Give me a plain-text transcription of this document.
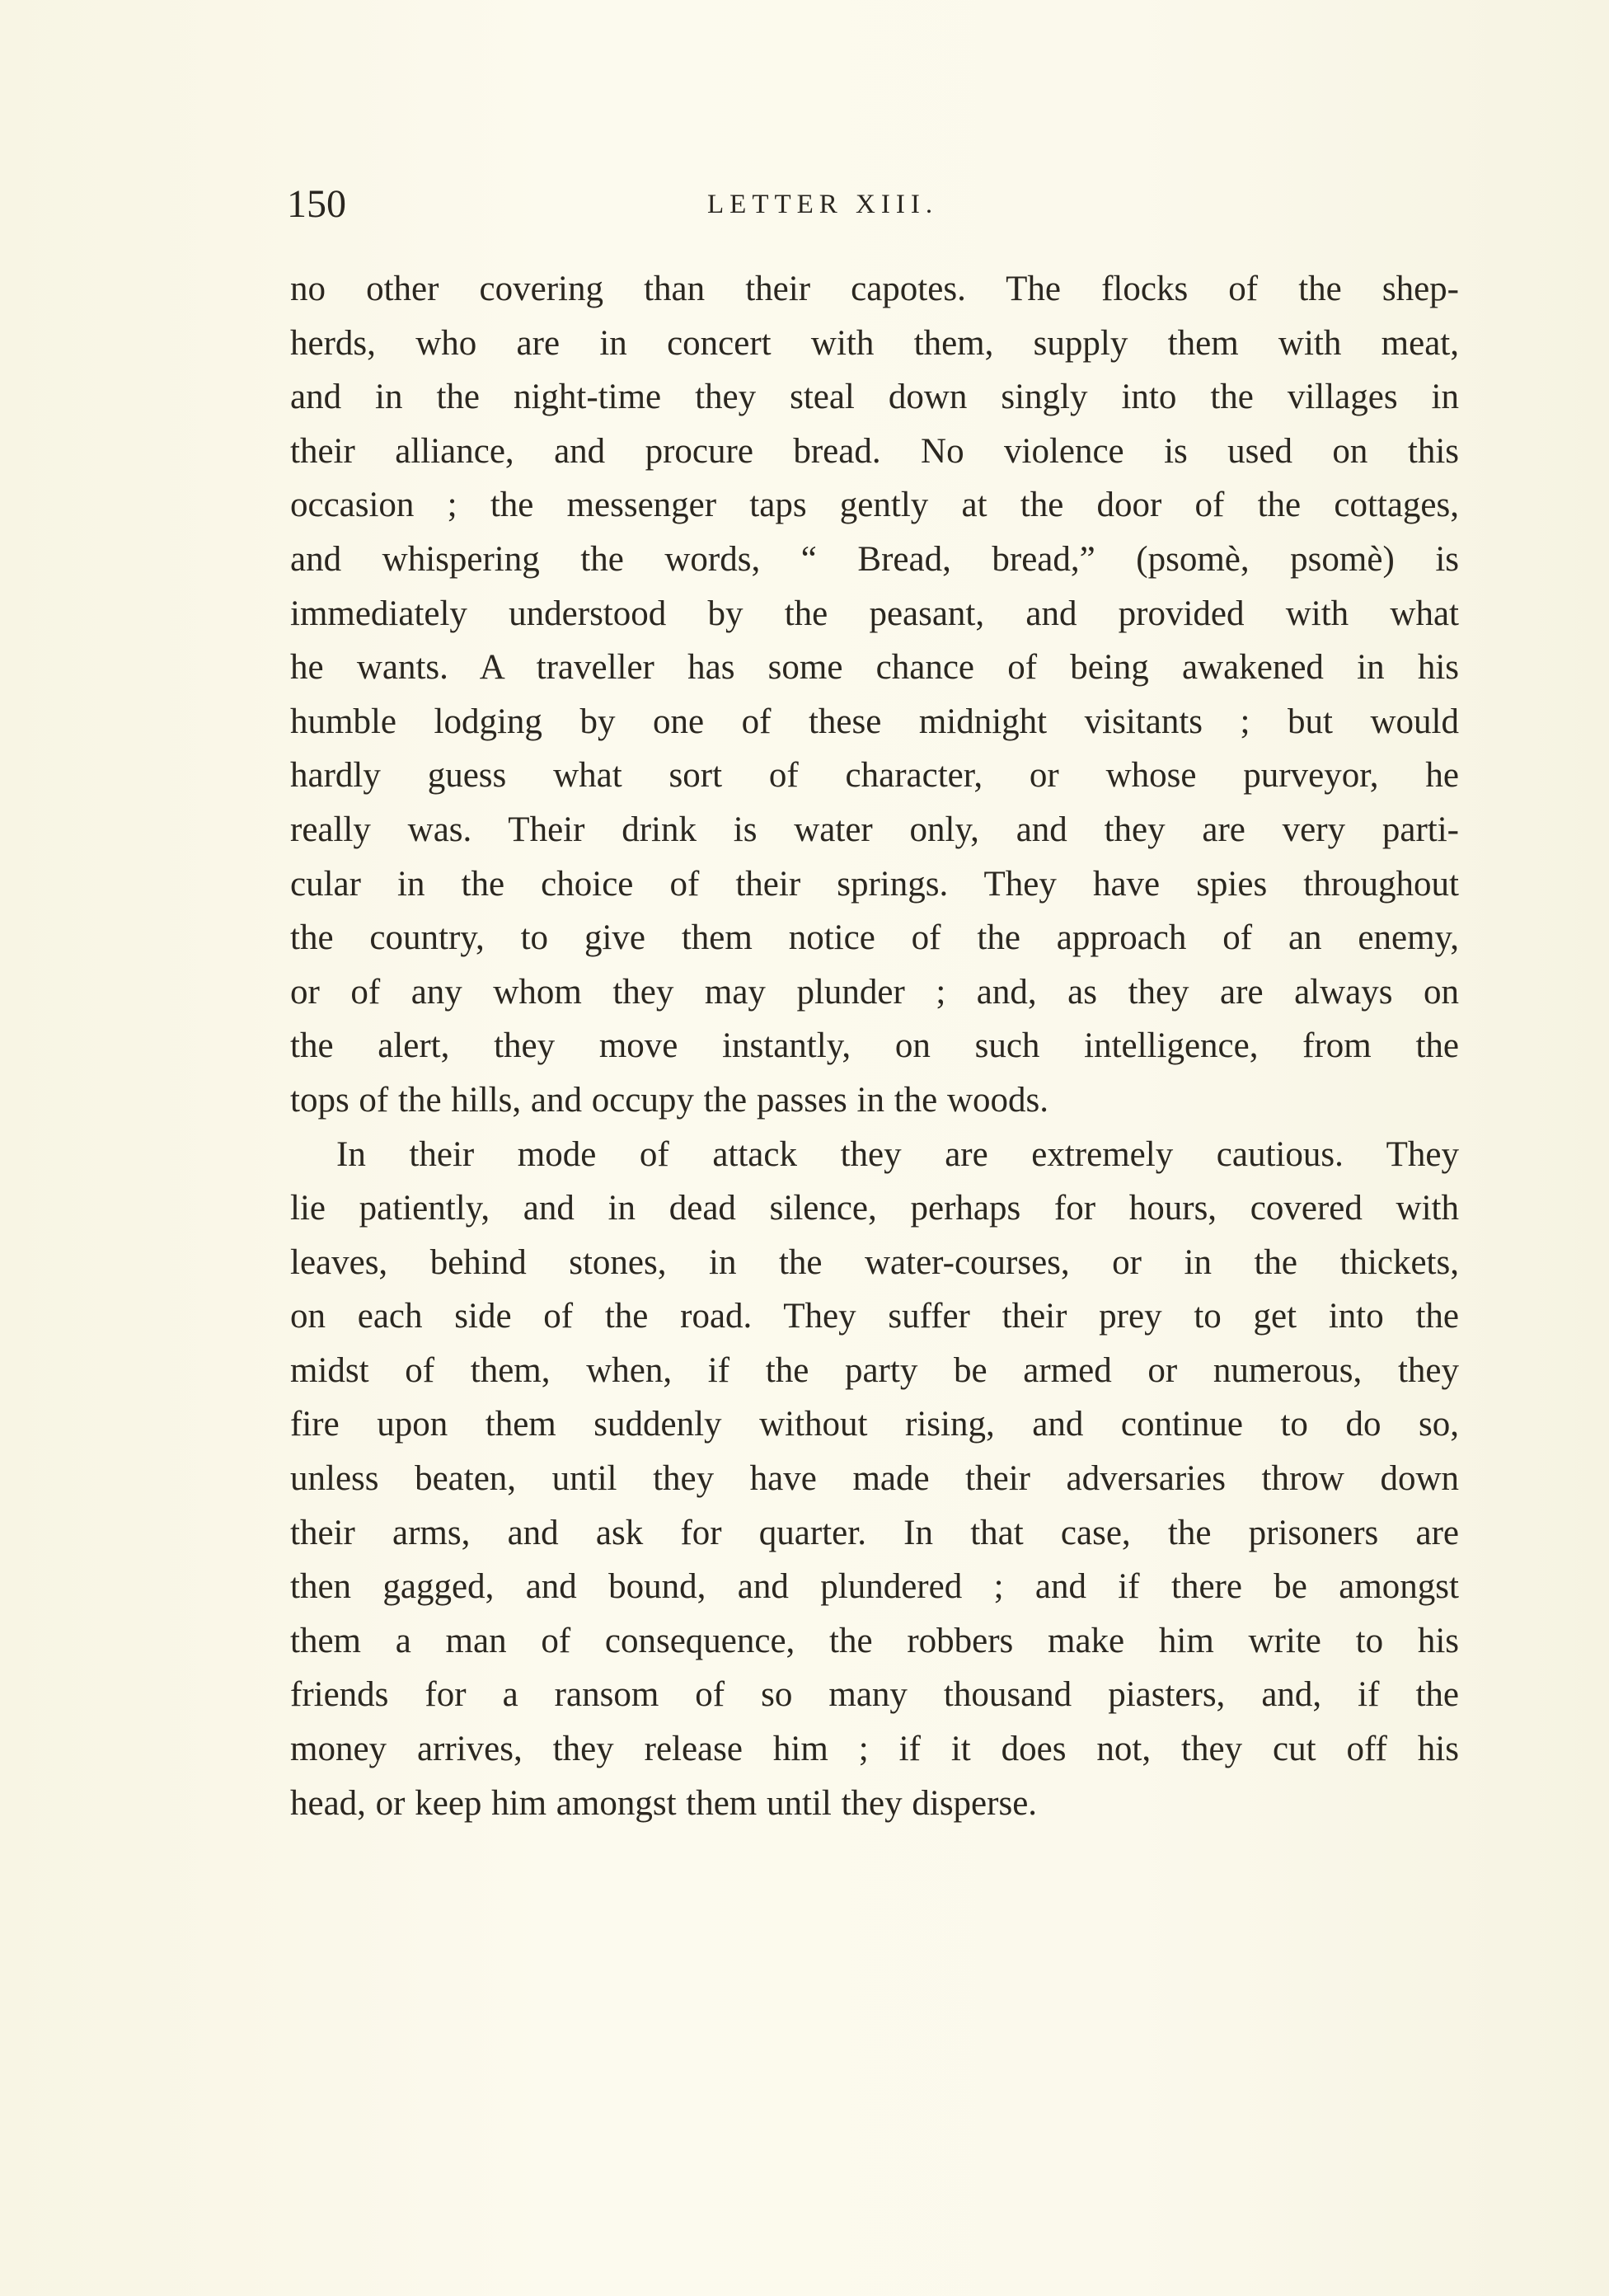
150	LETTER XIII.
no other covering than their capotes. The flocks of the shep-
herds, who are in concert with them, supply them with meat,
and in the night-time they steal down singly into the villages in
their alliance, and procure bread. No violence is used on this
occasion ; the messenger taps gently at the door of the cottages,
and whispering the words, “ Bread, bread,” (psomè, psomè) is
immediately understood by the peasant, and provided with what
he wants. A traveller has some chance of being awakened in his
humble lodging by one of these midnight visitants ; but would
hardly guess what sort of character, or whose purveyor, he
really was. Their drink is water only, and they are very parti-
cular in the choice of their springs. They have spies throughout
the country, to give them notice of the approach of an enemy,
or of any whom they may plunder ; and, as they are always on
the alert, they move instantly, on such intelligence, from the
tops of the hills, and occupy the passes in the woods.
In their mode of attack they are extremely cautious. They
lie patiently, and in dead silence, perhaps for hours, covered with
leaves, behind stones, in the water-courses, or in the thickets,
on each side of the road. They suffer their prey to get into the
midst of them, when, if the party be armed or numerous, they
fire upon them suddenly without rising, and continue to do so,
unless beaten, until they have made their adversaries throw down
their arms, and ask for quarter. In that case, the prisoners are
then gagged, and bound, and plundered ; and if there be amongst
them a man of consequence, the robbers make him write to his
friends for a ransom of so many thousand piasters, and, if the
money arrives, they release him ; if it does not, they cut off his
head, or keep him amongst them until they disperse.
